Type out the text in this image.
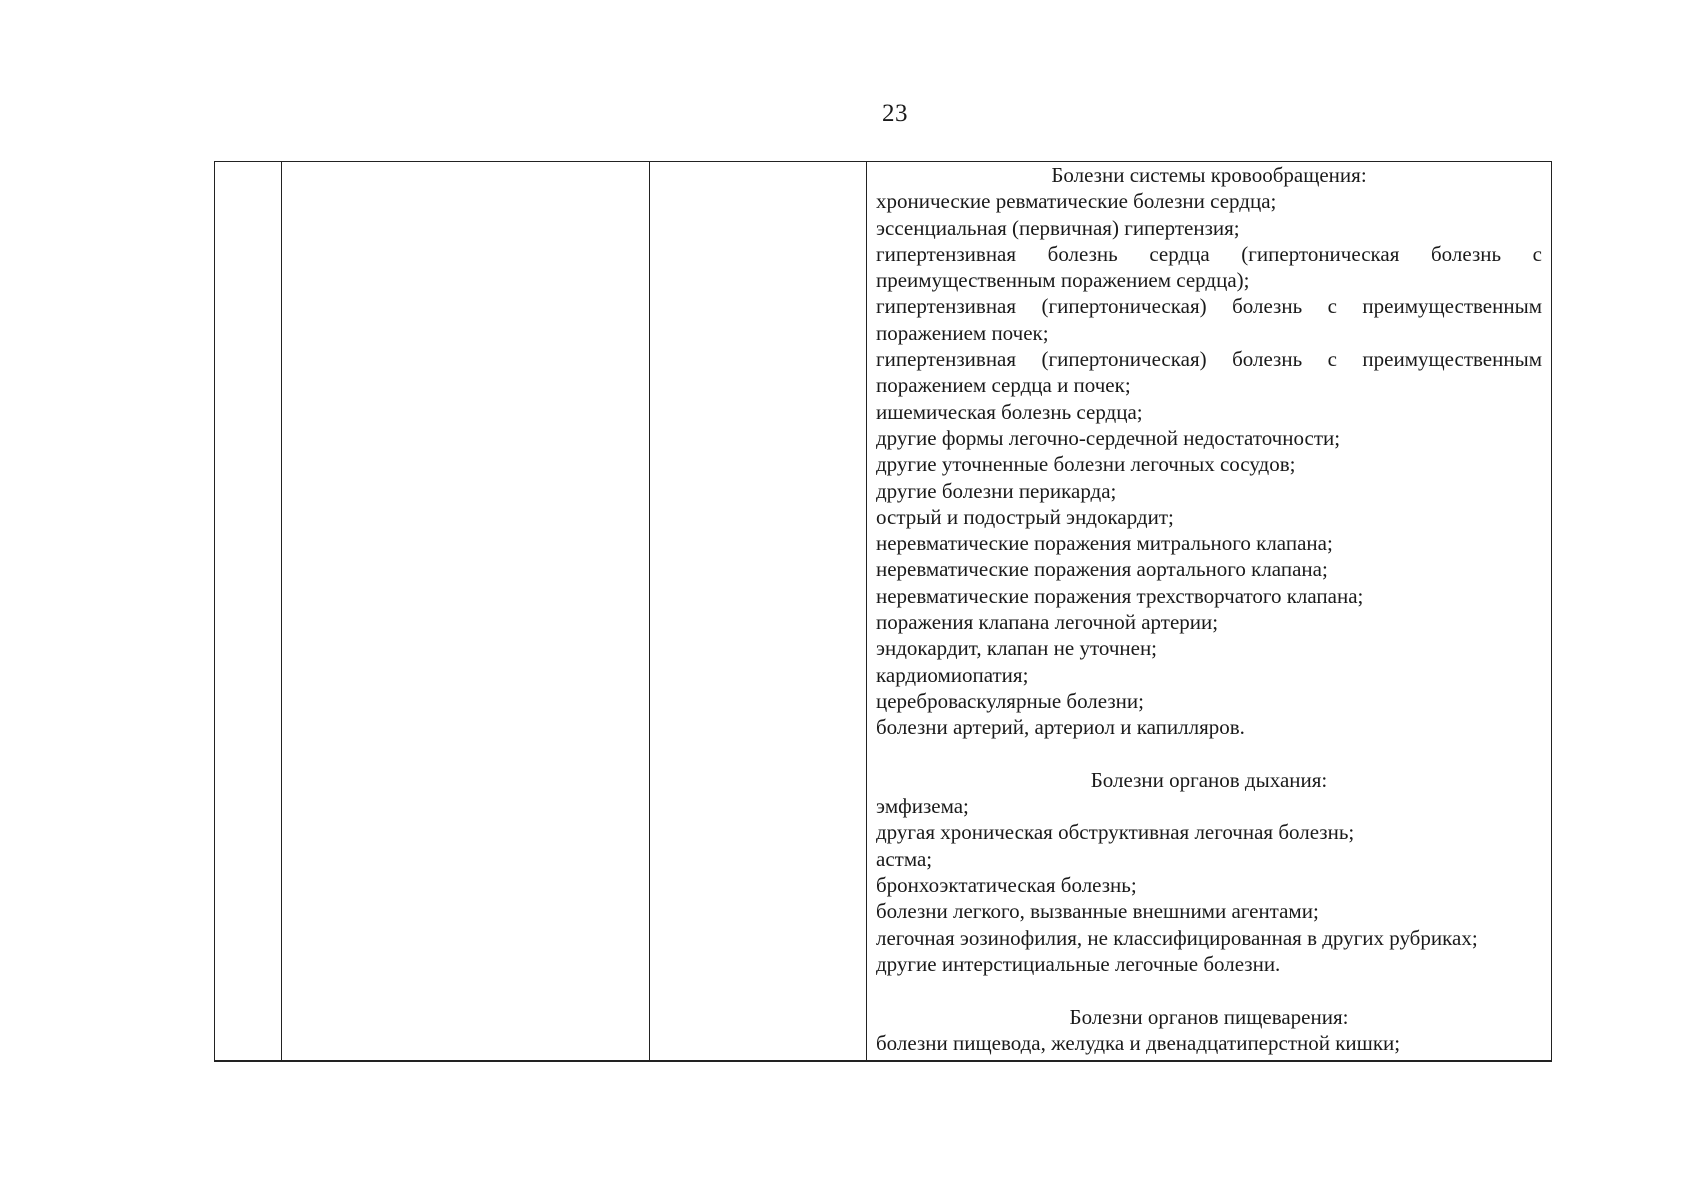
23

Болезни системы кровообращения:

хронические ревматические болезни сердца;

эссенциальная (первичная) гипертензия;

гипертензивная болезнь сердца (гипертоническая болезнь с преимущественным поражением сердца);

гипертензивная (гипертоническая) болезнь с преимущественным поражением почек;

гипертензивная (гипертоническая) болезнь с преимущественным поражением сердца и почек;

ишемическая болезнь сердца;

другие формы легочно-сердечной недостаточности;

другие уточненные болезни легочных сосудов;

другие болезни перикарда;

острый и подострый эндокардит;

неревматические поражения митрального клапана;

неревматические поражения аортального клапана;

неревматические поражения трехстворчатого клапана;

поражения клапана легочной артерии;

эндокардит, клапан не уточнен;

кардиомиопатия;

цереброваскулярные болезни;

болезни артерий, артериол и капилляров.

Болезни органов дыхания:

эмфизема;

другая хроническая обструктивная легочная болезнь;

астма;

бронхоэктатическая болезнь;

болезни легкого, вызванные внешними агентами;

легочная эозинофилия, не классифицированная в других рубриках;

другие интерстициальные легочные болезни.

Болезни органов пищеварения:

болезни пищевода, желудка и двенадцатиперстной кишки;
